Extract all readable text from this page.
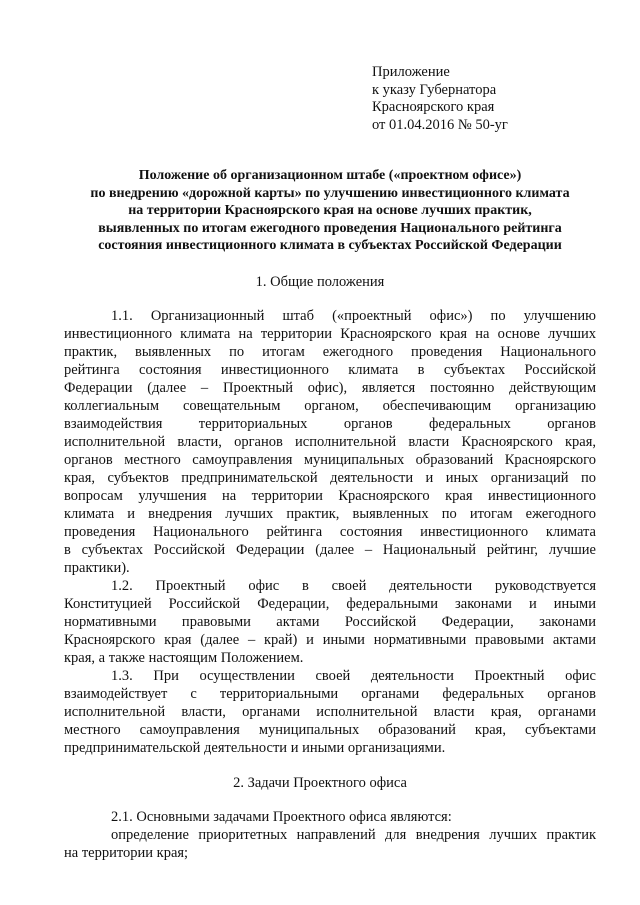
Приложение
к указу Губернатора
Красноярского края
от 01.04.2016 № 50-уг
Положение об организационном штабе («проектном офисе»)
по внедрению «дорожной карты» по улучшению инвестиционного климата
на территории Красноярского края на основе лучших практик,
выявленных по итогам ежегодного проведения Национального рейтинга
состояния инвестиционного климата в субъектах Российской Федерации
1. Общие положения
1.1. Организационный штаб («проектный офис») по улучшению
инвестиционного климата на территории Красноярского края на основе лучших
практик, выявленных по итогам ежегодного проведения Национального
рейтинга состояния инвестиционного климата в субъектах Российской
Федерации (далее – Проектный офис), является постоянно действующим
коллегиальным совещательным органом, обеспечивающим организацию
взаимодействия территориальных органов федеральных органов
исполнительной власти, органов исполнительной власти Красноярского края,
органов местного самоуправления муниципальных образований Красноярского
края, субъектов предпринимательской деятельности и иных организаций по
вопросам улучшения на территории Красноярского края инвестиционного
климата и внедрения лучших практик, выявленных по итогам ежегодного
проведения Национального рейтинга состояния инвестиционного климата
в субъектах Российской Федерации (далее – Национальный рейтинг, лучшие
практики).
1.2. Проектный офис в своей деятельности руководствуется
Конституцией Российской Федерации, федеральными законами и иными
нормативными правовыми актами Российской Федерации, законами
Красноярского края (далее – край) и иными нормативными правовыми актами
края, а также настоящим Положением.
1.3. При осуществлении своей деятельности Проектный офис
взаимодействует с территориальными органами федеральных органов
исполнительной власти, органами исполнительной власти края, органами
местного самоуправления муниципальных образований края, субъектами
предпринимательской деятельности и иными организациями.
2. Задачи Проектного офиса
2.1. Основными задачами Проектного офиса являются:
определение приоритетных направлений для внедрения лучших практик
на территории края;
